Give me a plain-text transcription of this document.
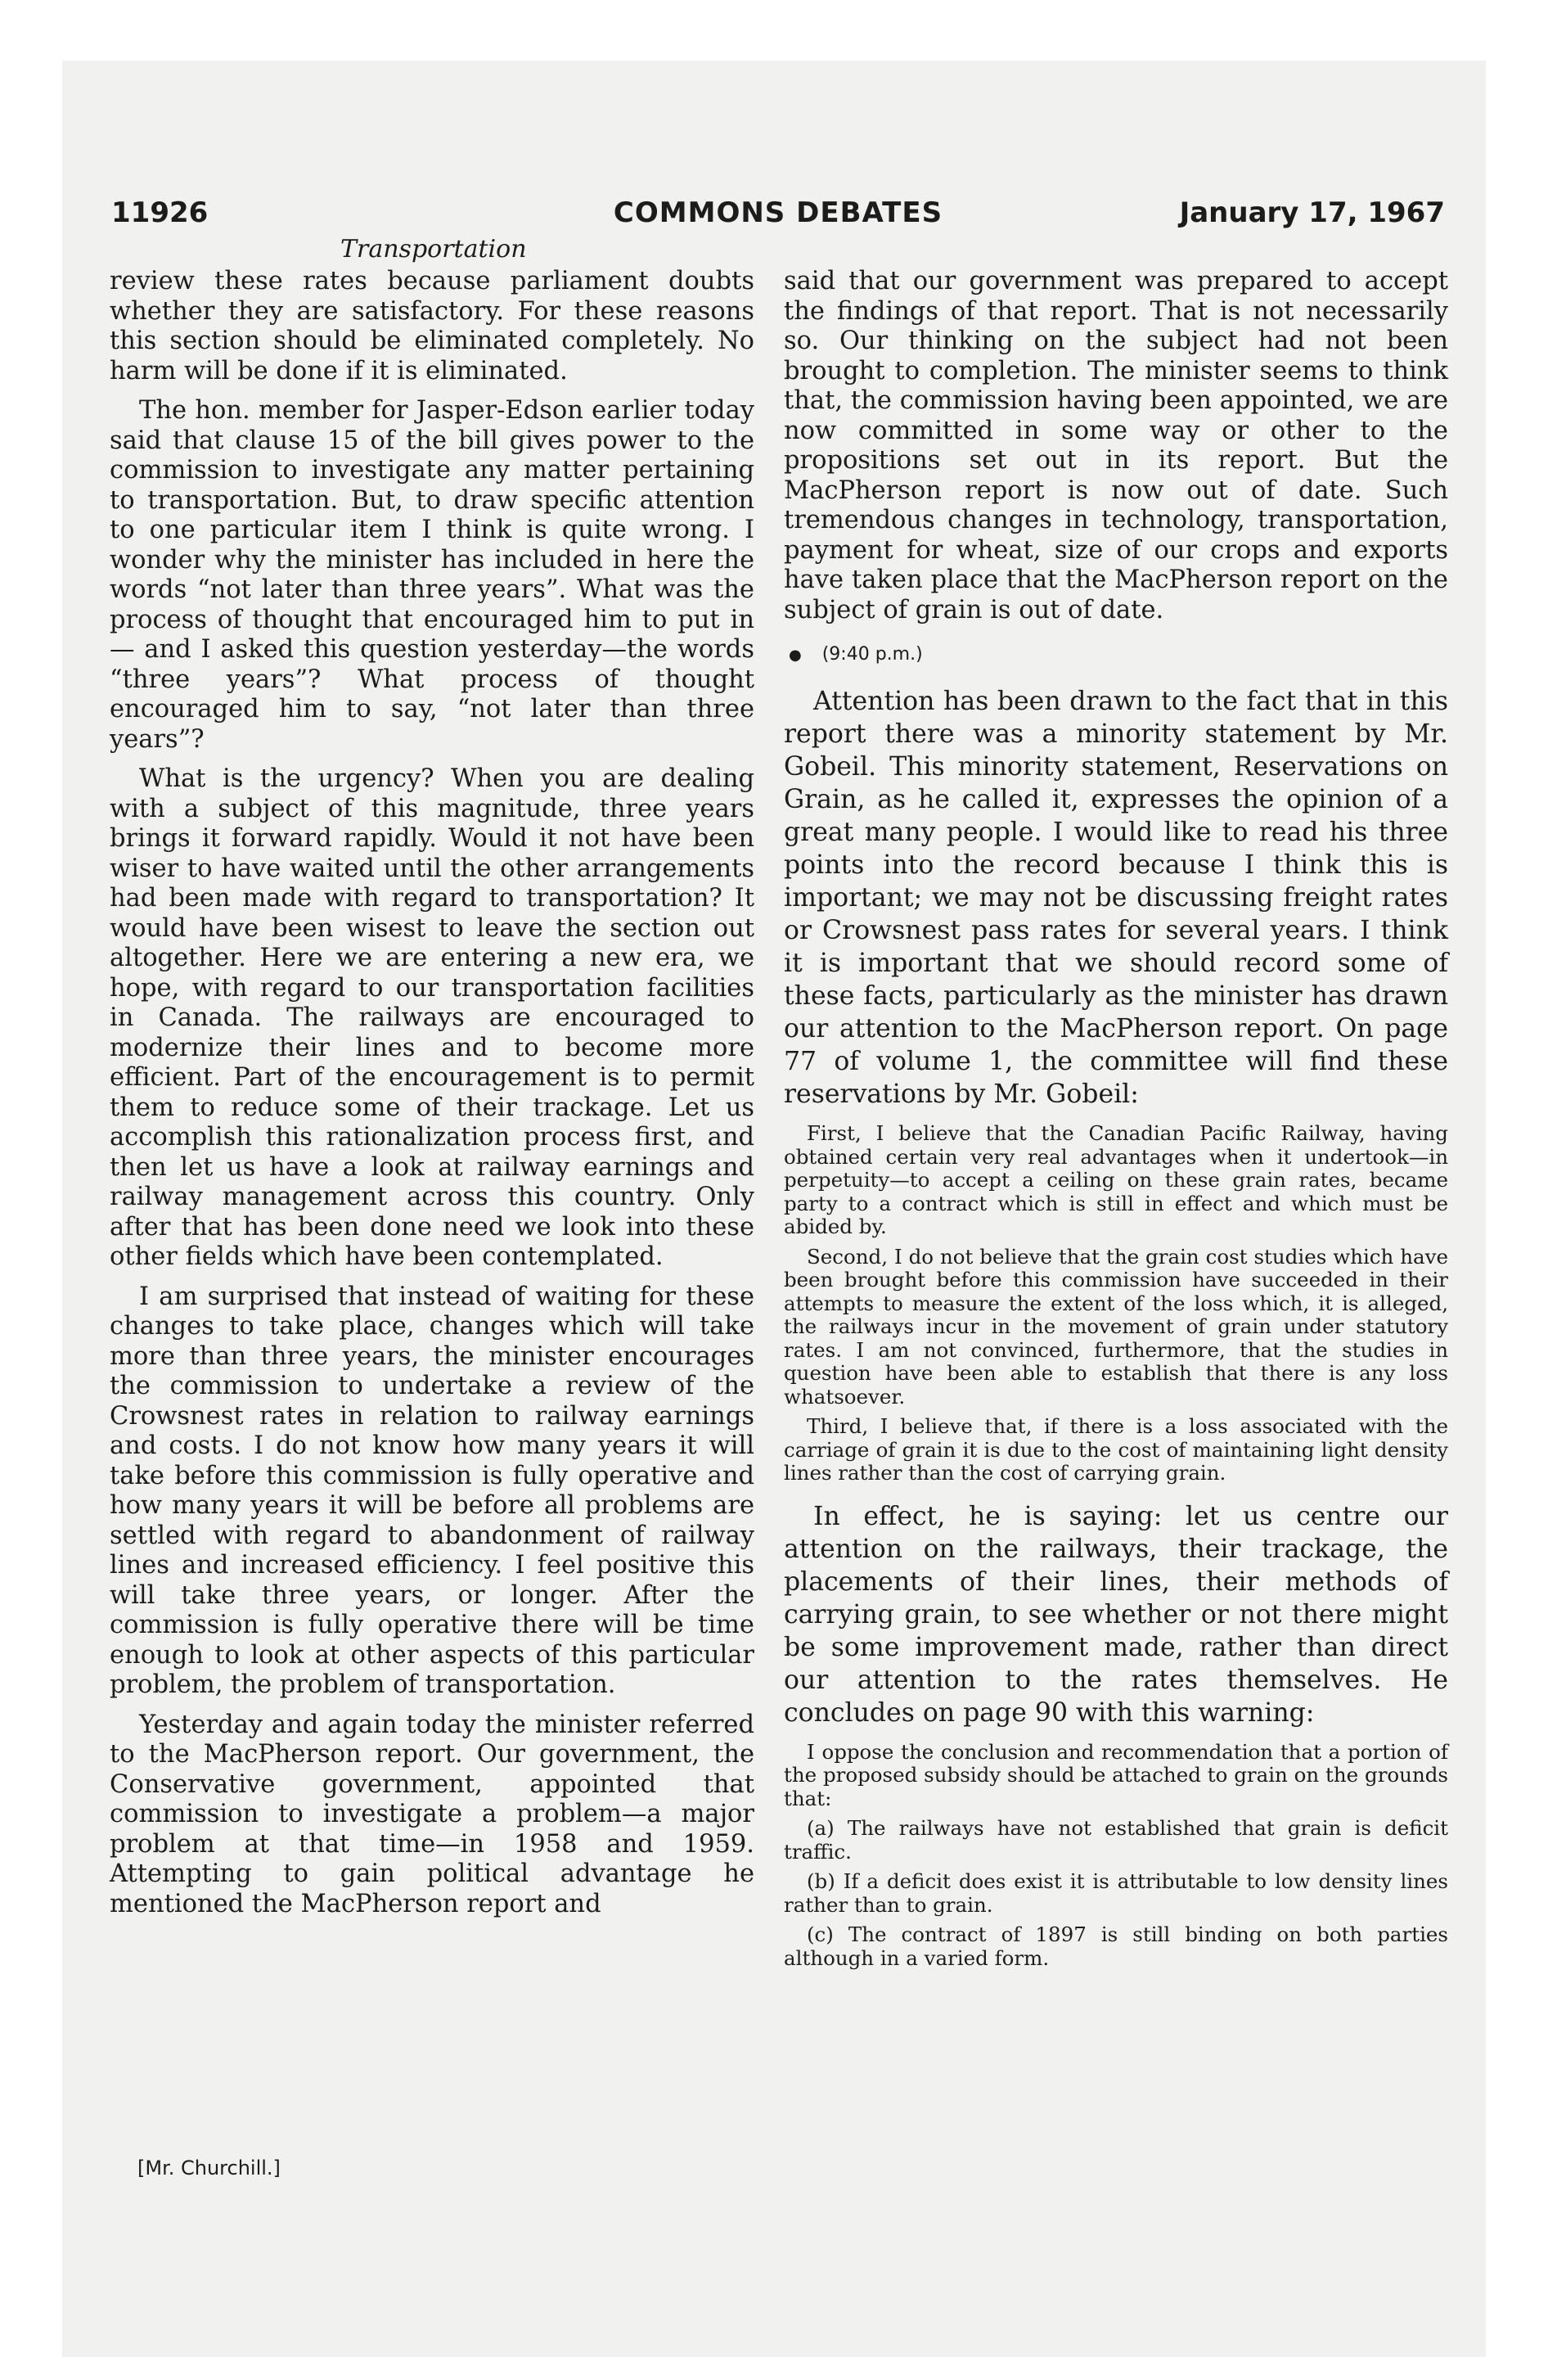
11926	COMMONS DEBATES	January 17, 1967
Transportation

review these rates because parliament doubts whether they are satisfactory. For these reasons this section should be eliminated completely. No harm will be done if it is eliminated.

The hon. member for Jasper-Edson earlier today said that clause 15 of the bill gives power to the commission to investigate any matter pertaining to transportation. But, to draw specific attention to one particular item I think is quite wrong. I wonder why the minister has included in here the words “not later than three years”. What was the process of thought that encouraged him to put in— and I asked this question yesterday—the words “three years”? What process of thought encouraged him to say, “not later than three years”?

What is the urgency? When you are dealing with a subject of this magnitude, three years brings it forward rapidly. Would it not have been wiser to have waited until the other arrangements had been made with regard to transportation? It would have been wisest to leave the section out altogether. Here we are entering a new era, we hope, with regard to our transportation facilities in Canada. The railways are encouraged to modernize their lines and to become more efficient. Part of the encouragement is to permit them to reduce some of their trackage. Let us accomplish this rationalization process first, and then let us have a look at railway earnings and railway management across this country. Only after that has been done need we look into these other fields which have been contemplated.

I am surprised that instead of waiting for these changes to take place, changes which will take more than three years, the minister encourages the commission to undertake a review of the Crowsnest rates in relation to railway earnings and costs. I do not know how many years it will take before this commission is fully operative and how many years it will be before all problems are settled with regard to abandonment of railway lines and increased efficiency. I feel positive this will take three years, or longer. After the commission is fully operative there will be time enough to look at other aspects of this particular problem, the problem of transportation.

Yesterday and again today the minister referred to the MacPherson report. Our government, the Conservative government, appointed that commission to investigate a problem—a major problem at that time—in 1958 and 1959. Attempting to gain political advantage he mentioned the MacPherson report and

[Mr. Churchill.]

said that our government was prepared to accept the findings of that report. That is not necessarily so. Our thinking on the subject had not been brought to completion. The minister seems to think that, the commission having been appointed, we are now committed in some way or other to the propositions set out in its report. But the MacPherson report is now out of date. Such tremendous changes in technology, transportation, payment for wheat, size of our crops and exports have taken place that the MacPherson report on the subject of grain is out of date.

● (9:40 p.m.)

Attention has been drawn to the fact that in this report there was a minority statement by Mr. Gobeil. This minority statement, Reservations on Grain, as he called it, expresses the opinion of a great many people. I would like to read his three points into the record because I think this is important; we may not be discussing freight rates or Crowsnest pass rates for several years. I think it is important that we should record some of these facts, particularly as the minister has drawn our attention to the MacPherson report. On page 77 of volume 1, the committee will find these reservations by Mr. Gobeil:

First, I believe that the Canadian Pacific Railway, having obtained certain very real advantages when it undertook—in perpetuity—to accept a ceiling on these grain rates, became party to a contract which is still in effect and which must be abided by.

Second, I do not believe that the grain cost studies which have been brought before this commission have succeeded in their attempts to measure the extent of the loss which, it is alleged, the railways incur in the movement of grain under statutory rates. I am not convinced, furthermore, that the studies in question have been able to establish that there is any loss whatsoever.

Third, I believe that, if there is a loss associated with the carriage of grain it is due to the cost of maintaining light density lines rather than the cost of carrying grain.

In effect, he is saying: let us centre our attention on the railways, their trackage, the placements of their lines, their methods of carrying grain, to see whether or not there might be some improvement made, rather than direct our attention to the rates themselves. He concludes on page 90 with this warning:

I oppose the conclusion and recommendation that a portion of the proposed subsidy should be attached to grain on the grounds that:

(a) The railways have not established that grain is deficit traffic.

(b) If a deficit does exist it is attributable to low density lines rather than to grain.

(c) The contract of 1897 is still binding on both parties although in a varied form.
